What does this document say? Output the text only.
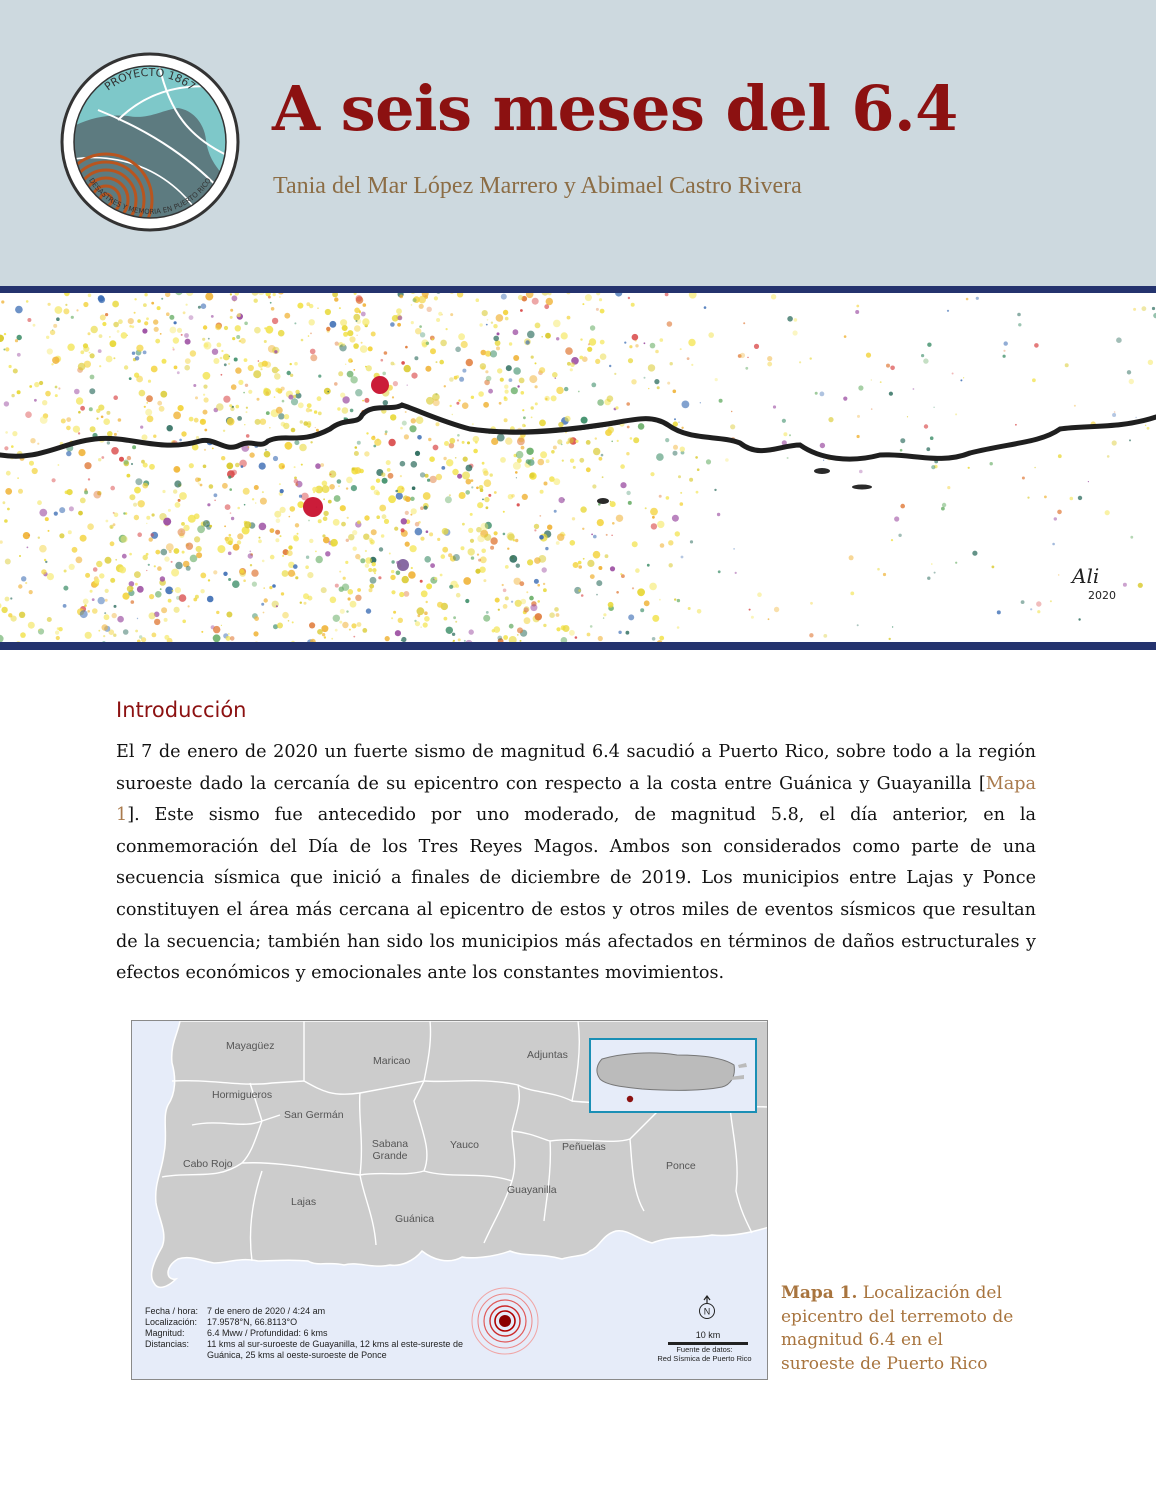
PROYECTO 1867
DESASTRES Y MEMORIA EN PUERTO RICO
A seis meses del 6.4

Tania del Mar López Marrero y Abimael Castro Rivera

Ali
2020
Introducción

El 7 de enero de 2020 un fuerte sismo de magnitud 6.4 sacudió a Puerto Rico, sobre todo a la región suroeste dado la cercanía de su epicentro con respecto a la costa entre Guánica y Guayanilla [Mapa 1]. Este sismo fue antecedido por uno moderado, de magnitud 5.8, el día anterior, en la conmemoración del Día de los Tres Reyes Magos. Ambos son considerados como parte de una secuencia sísmica que inició a finales de diciembre de 2019. Los municipios entre Lajas y Ponce constituyen el área más cercana al epicentro de estos y otros miles de eventos sísmicos que resultan de la secuencia; también han sido los municipios más afectados en términos de daños estructurales y efectos económicos y emocionales ante los constantes movimientos.

N
Mayagüez
Maricao	Adjuntas
Hormigueros
San Germán
Sabana Grande
Yauco	Peñuelas
Ponce
Cabo Rojo
Lajas
Guayanilla
Guánica
Fecha / hora: 7 de enero de 2020 / 4:24 am
Localización:	17.9578°N, 66.8113°O
Magnitud:	6.4 Mww / Profundidad: 6 kms
Distancias:	11 kms al sur-suroeste de Guayanilla, 12 kms al este-sureste de Guánica, 25 kms al oeste-suroeste de Ponce
10 km
Fuente de datos:
Red Sísmica de Puerto Rico

Mapa 1. Localización del epicentro del terremoto de magnitud 6.4 en el suroeste de Puerto Rico
